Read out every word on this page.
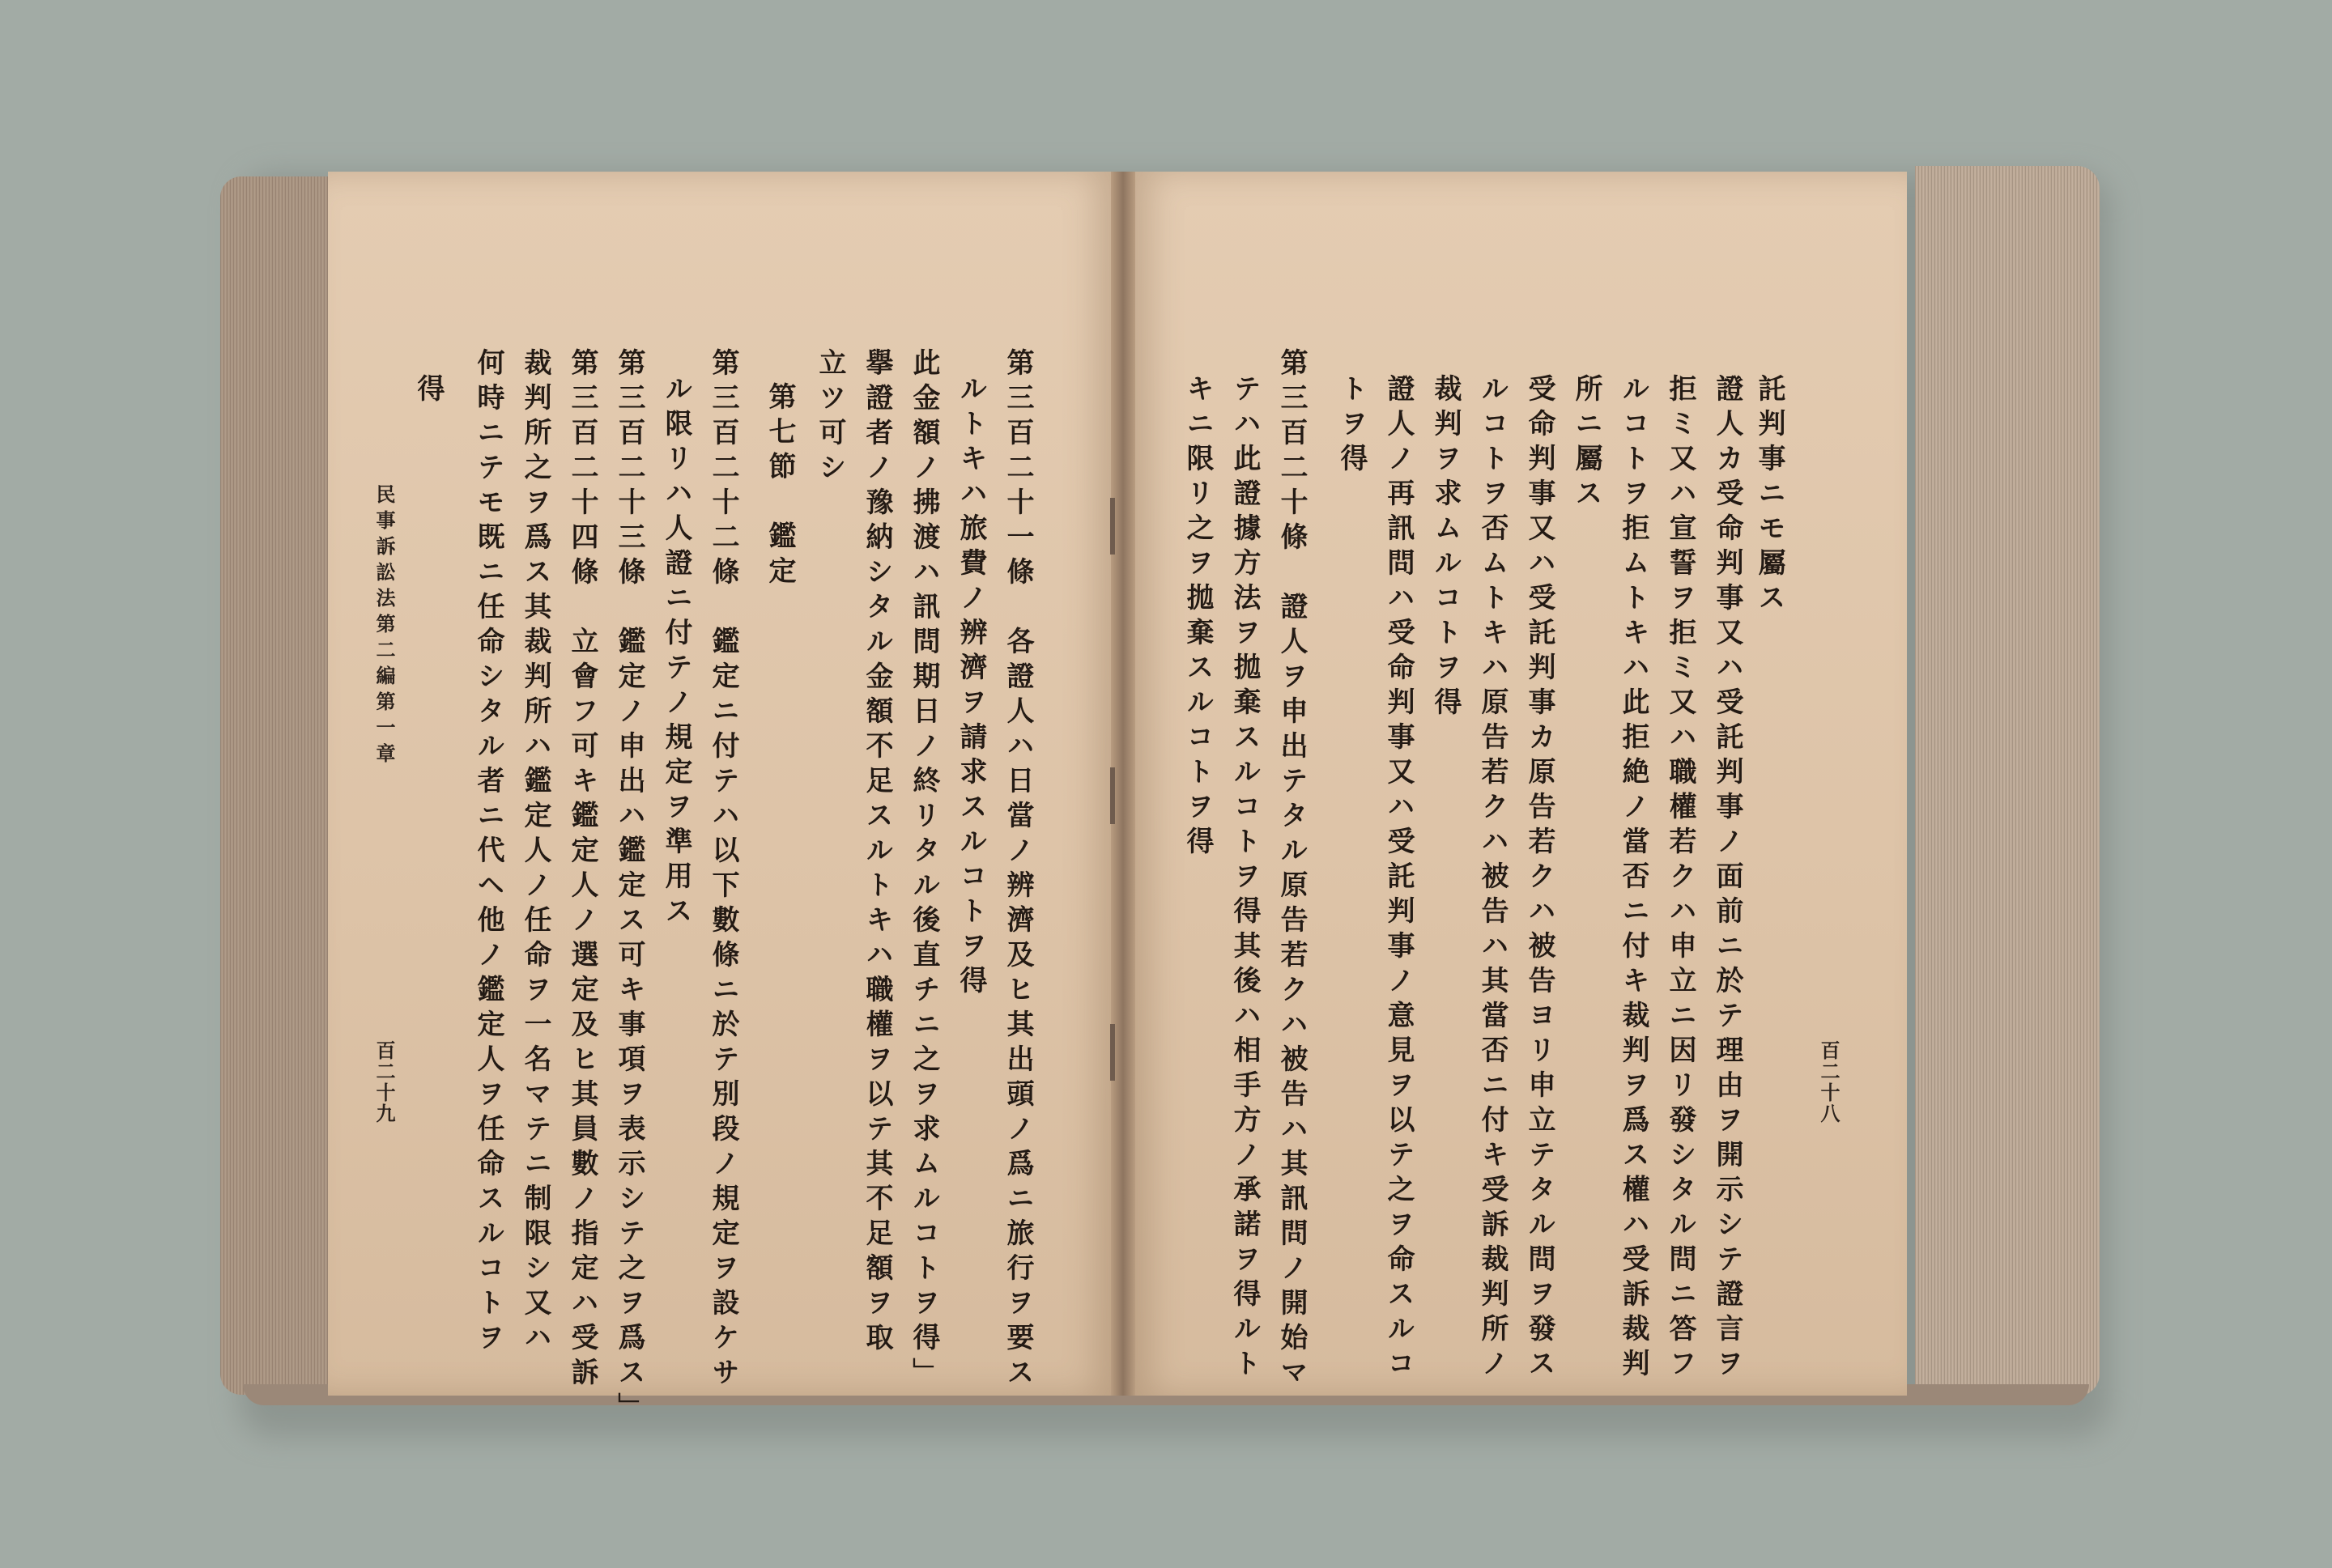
百二十八
託判事ニモ屬ス
證人カ受命判事又ハ受託判事ノ面前ニ於テ理由ヲ開示シテ證言ヲ
拒ミ又ハ宣誓ヲ拒ミ又ハ職權若クハ申立ニ因リ發シタル問ニ答フ
ルコトヲ拒ムトキハ此拒絶ノ當否ニ付キ裁判ヲ爲ス權ハ受訴裁判
所ニ屬ス
受命判事又ハ受託判事カ原告若クハ被告ヨリ申立テタル問ヲ發ス
ルコトヲ否ムトキハ原告若クハ被告ハ其當否ニ付キ受訴裁判所ノ
裁判ヲ求ムルコトヲ得
證人ノ再訊問ハ受命判事又ハ受託判事ノ意見ヲ以テ之ヲ命スルコ
トヲ得
第三百二十條　證人ヲ申出テタル原告若クハ被告ハ其訊問ノ開始マ
テハ此證據方法ヲ拋棄スルコトヲ得其後ハ相手方ノ承諾ヲ得ルト
キニ限リ之ヲ拋棄スルコトヲ得
第三百二十一條　各證人ハ日當ノ辨濟及ヒ其出頭ノ爲ニ旅行ヲ要ス
ルトキハ旅費ノ辨濟ヲ請求スルコトヲ得
此金額ノ拂渡ハ訊問期日ノ終リタル後直チニ之ヲ求ムルコトヲ得」
擧證者ノ豫納シタル金額不足スルトキハ職權ヲ以テ其不足額ヲ取
立ツ可シ
第七節　鑑定
第三百二十二條　鑑定ニ付テハ以下數條ニ於テ別段ノ規定ヲ設ケサ
ル限リハ人證ニ付テノ規定ヲ準用ス
第三百二十三條　鑑定ノ申出ハ鑑定ス可キ事項ヲ表示シテ之ヲ爲ス」
第三百二十四條　立會フ可キ鑑定人ノ選定及ヒ其員數ノ指定ハ受訴
裁判所之ヲ爲ス其裁判所ハ鑑定人ノ任命ヲ一名マテニ制限シ又ハ
何時ニテモ既ニ任命シタル者ニ代ヘ他ノ鑑定人ヲ任命スルコトヲ
得
民事訴訟法第二編第一章
百二十九
